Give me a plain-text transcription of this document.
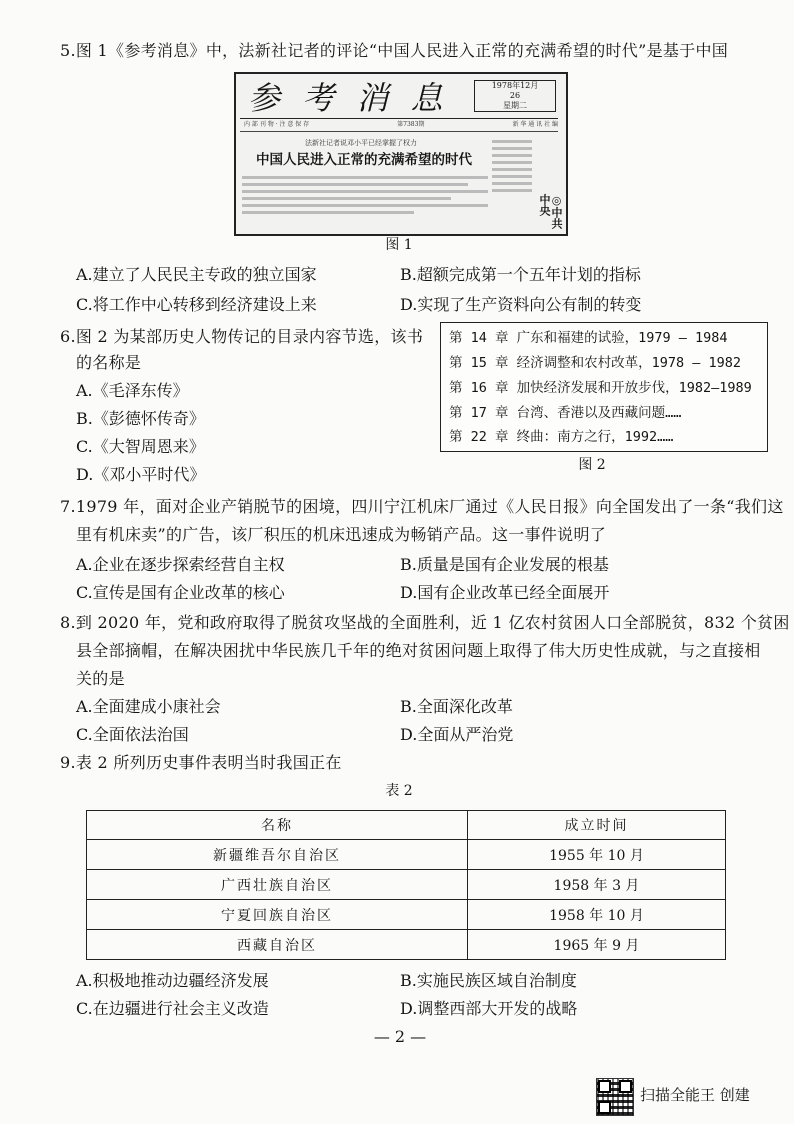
5.图 1《参考消息》中，法新社记者的评论“中国人民进入正常的充满希望的时代”是基于中国
参 考 消 息	1978年12月
26
星期二
内 部 刊 物 · 注 意 保 存	第7383期	新 华 通 讯 社 编
法新社记者说邓小平已经掌握了权力
中国人民进入正常的充满希望的时代
◎中共中央
图 1
A.建立了人民民主专政的独立国家	B.超额完成第一个五年计划的指标
C.将工作中心转移到经济建设上来	D.实现了生产资料向公有制的转变
6.图 2 为某部历史人物传记的目录内容节选，该书
的名称是
A.《毛泽东传》
B.《彭德怀传奇》
C.《大智周恩来》
D.《邓小平时代》
第 14 章 广东和福建的试验，1979 — 1984
第 15 章 经济调整和农村改革，1978 — 1982
第 16 章 加快经济发展和开放步伐，1982—1989
第 17 章 台湾、香港以及西藏问题……
第 22 章 终曲：南方之行，1992……
图 2
7.1979 年，面对企业产销脱节的困境，四川宁江机床厂通过《人民日报》向全国发出了一条“我们这
里有机床卖”的广告，该厂积压的机床迅速成为畅销产品。这一事件说明了
A.企业在逐步探索经营自主权	B.质量是国有企业发展的根基
C.宣传是国有企业改革的核心	D.国有企业改革已经全面展开
8.到 2020 年，党和政府取得了脱贫攻坚战的全面胜利，近 1 亿农村贫困人口全部脱贫，832 个贫困
县全部摘帽，在解决困扰中华民族几千年的绝对贫困问题上取得了伟大历史性成就，与之直接相
关的是
A.全面建成小康社会	B.全面深化改革
C.全面依法治国	D.全面从严治党
9.表 2 所列历史事件表明当时我国正在
表 2
名称	成立时间
新疆维吾尔自治区	1955 年 10 月
广西壮族自治区	1958 年 3 月
宁夏回族自治区	1958 年 10 月
西藏自治区	1965 年 9 月
A.积极地推动边疆经济发展	B.实施民族区域自治制度
C.在边疆进行社会主义改造	D.调整西部大开发的战略
— 2 —
扫描全能王 创建
